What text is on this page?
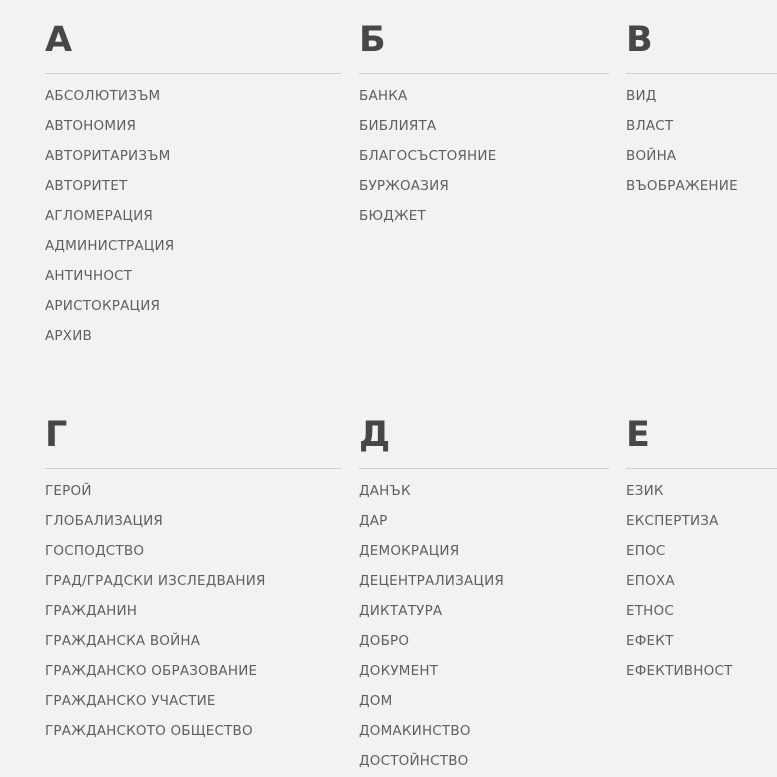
А
АБСОЛЮТИЗЪМ
АВТОНОМИЯ
АВТОРИТАРИЗЪМ
АВТОРИТЕТ
АГЛОМЕРАЦИЯ
АДМИНИСТРАЦИЯ
АНТИЧНОСТ
АРИСТОКРАЦИЯ
АРХИВ
Б
БАНКА
БИБЛИЯТА
БЛАГОСЪСТОЯНИЕ
БУРЖОАЗИЯ
БЮДЖЕТ
В
ВИД
ВЛАСТ
ВОЙНА
ВЪОБРАЖЕНИЕ
Г
ГЕРОЙ
ГЛОБАЛИЗАЦИЯ
ГОСПОДСТВО
ГРАД/ГРАДСКИ ИЗСЛЕДВАНИЯ
ГРАЖДАНИН
ГРАЖДАНСКА ВОЙНА
ГРАЖДАНСКО ОБРАЗОВАНИЕ
ГРАЖДАНСКО УЧАСТИЕ
ГРАЖДАНСКОТО ОБЩЕСТВО
Д
ДАНЪК
ДАР
ДЕМОКРАЦИЯ
ДЕЦЕНТРАЛИЗАЦИЯ
ДИКТАТУРА
ДОБРО
ДОКУМЕНТ
ДОМ
ДОМАКИНСТВО
ДОСТОЙНСТВО
Е
ЕЗИК
ЕКСПЕРТИЗА
ЕПОС
ЕПОХА
ЕТНОС
ЕФЕКТ
ЕФЕКТИВНОСТ
